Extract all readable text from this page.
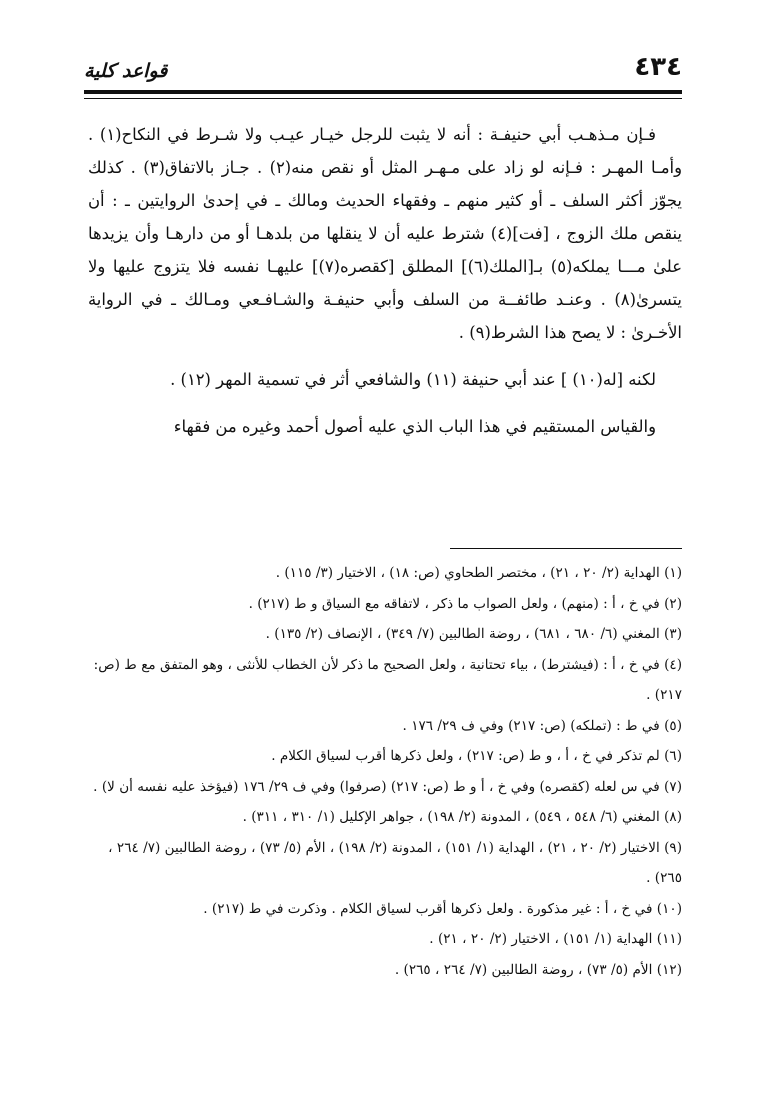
٤٣٤
قواعد كلية

فـإن مـذهـب أبي حنيفـة : أنه لا يثبت للرجل خيـار عيـب ولا شـرط في النكاح(١) . وأمـا المهـر : فـإنه لو زاد على مـهـر المثل أو نقص منه(٢) . جـاز بالاتفاق(٣) . كذلك يجوّز أكثر السلف ـ أو كثير منهم ـ وفقهاء الحديث ومالك ـ في إحدىٰ الروايتين ـ : أن ينقص ملك الزوج ، [فت](٤) شترط عليه أن لا ينقلها من بلدهـا أو من دارهـا وأن يزيدها علىٰ مـــا يملكه(٥) بـ[الملك(٦)] المطلق [كقصره(٧)] عليهـا نفسه فلا يتزوج عليها ولا يتسرىٰ(٨) . وعنـد طائفــة من السلف وأبي حنيفـة والشـافـعي ومـالك ـ في الرواية الأخـرىٰ : لا يصح هذا الشرط(٩) .

لكنه [له(١٠) ] عند أبي حنيفة (١١) والشافعي أثر في تسمية المهر (١٢) .

والقياس المستقيم في هذا الباب الذي عليه أصول أحمد وغيره من فقهاء

(١) الهداية (٢/ ٢٠ ، ٢١) ، مختصر الطحاوي (ص: ١٨) ، الاختيار (٣/ ١١٥) .

(٢) في خ ، أ : (منهم) ، ولعل الصواب ما ذكر ، لاتفاقه مع السياق و ط (٢١٧) .

(٣) المغني (٦/ ٦٨٠ ، ٦٨١) ، روضة الطالبين (٧/ ٣٤٩) ، الإنصاف (٢/ ١٣٥) .

(٤) في خ ، أ : (فيشترط) ، بياء تحتانية ، ولعل الصحيح ما ذكر لأن الخطاب للأنثى ، وهو المتفق مع ط (ص: ٢١٧) .

(٥) في ط : (تملكه) (ص: ٢١٧) وفي ف ٢٩/ ١٧٦ .

(٦) لم تذكر في خ ، أ ، و ط (ص: ٢١٧) ، ولعل ذكرها أقرب لسياق الكلام .

(٧) في س لعله (كقصره) وفي خ ، أ و ط (ص: ٢١٧) (صرفوا) وفي ف ٢٩/ ١٧٦ (فيؤخذ عليه نفسه أن لا) .

(٨) المغني (٦/ ٥٤٨ ، ٥٤٩) ، المدونة (٢/ ١٩٨) ، جواهر الإكليل (١/ ٣١٠ ، ٣١١) .

(٩) الاختيار (٢/ ٢٠ ، ٢١) ، الهداية (١/ ١٥١) ، المدونة (٢/ ١٩٨) ، الأم (٥/ ٧٣) ، روضة الطالبين (٧/ ٢٦٤ ، ٢٦٥) .

(١٠) في خ ، أ : غير مذكورة . ولعل ذكرها أقرب لسياق الكلام . وذكرت في ط (٢١٧) .

(١١) الهداية (١/ ١٥١) ، الاختيار (٢/ ٢٠ ، ٢١) .

(١٢) الأم (٥/ ٧٣) ، روضة الطالبين (٧/ ٢٦٤ ، ٢٦٥) .
